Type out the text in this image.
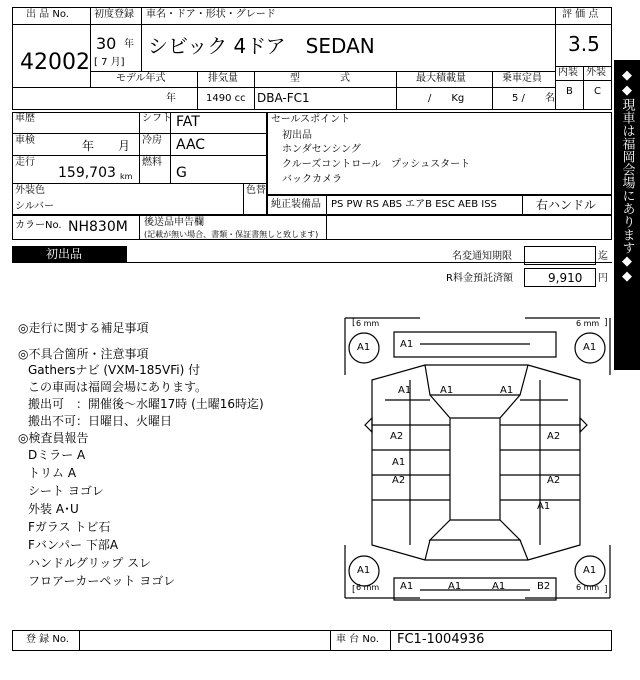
出 品 No.
42002
初度登録
30 年
[ 7 月]
車名・ドア・形状・グレード
シビック 4ドア　SEDAN
評 価 点
3.5
内装 外装
B C
モデル年式
年
排気量
1490 cc
型　　　　式
DBA-FC1
最大積載量
/　　Kg
乗車定員
5 /　　名
車歴	シフト FAT
車検	年　　月 冷房 AAC
走行
159,703 km
燃料
G
外装色
シルバー
色替
セールスポイント
初出品
ホンダセンシング
クルーズコントロール　プッシュスタート
バックカメラ
純正装備品 PS PW RS ABS エアB ESC AEB ISS	右ハンドル
カラーNo. NH830M 後送品申告欄
(記載が無い場合、書類・保証書無しと致します)
初出品	名変通知期限	迄
R料金預託済額	9,910 円
◎走行に関する補足事項
◎不具合箇所・注意事項
Gathersナビ (VXM-185VFi) 付
この車両は福岡会場にあります。
搬出可　：開催後～水曜17時 (土曜16時迄)
搬出不可：日曜日、火曜日
◎検査員報告
Dミラー A
トリム A
シート ヨゴレ
外装 A･U
Fガラス トビ石
Fバンパー 下部A
ハンドルグリップ スレ
フロアーカーペット ヨゴレ
[	]
[	]
6 mm	6 mm
6 mm	6 mm
A1	A1	A1
A1	A1
A1
A2	A2
A1
A2	A2
A1
A1	A1
A1	A1
A1	B2
◆◆現車は福岡会場にあります◆◆
登 録 No.	車 台 No. FC1-1004936
